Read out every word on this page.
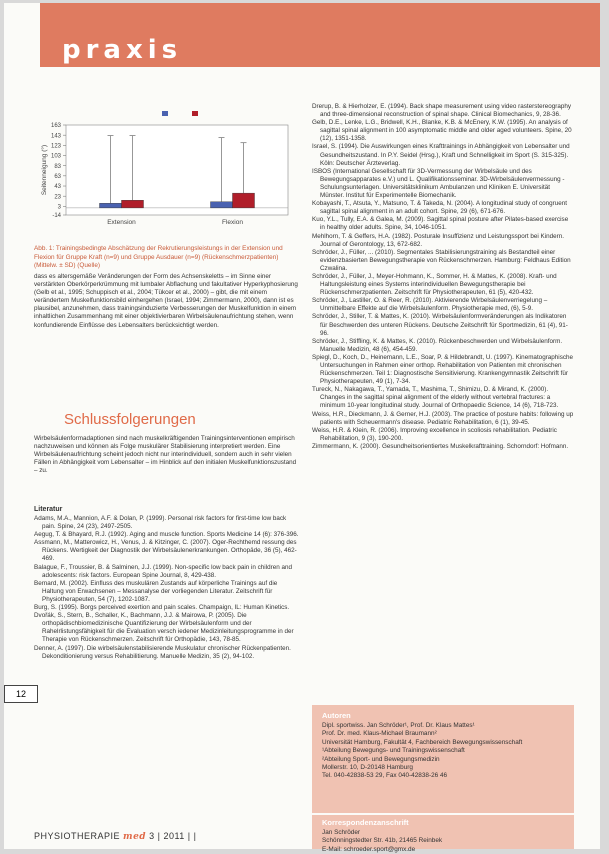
praxis
163
143
123
103
83
63
43
23
3
-14
Seitenneigung (°)
Extension	Flexion
Abb. 1: Trainingsbedingte Abschätzung der Rekrutierungsleistungs in der Extension und Flexion für Gruppe Kraft (n=9) und Gruppe Ausdauer (n=9) (Rückenschmerzpatienten) (Mittelw. ± SD) (Quelle)

dass es altersgemäße Veränderungen der Form des Achsenskeletts – im Sinne einer verstärkten Oberkörperkrümmung mit lumbaler Abflachung und fakultativer Hyperkyphosierung (Gelb et al., 1995; Schuppisch et al., 2004; Tükcer et al., 2000) – gibt, die mit einem verändertem Muskelfunktionsbild einhergehen (Israel, 1994; Zimmermann, 2000), dann ist es plausibel, anzunehmen, dass trainingsinduzierte Verbesserungen der Muskelfunktion in einem inhaltlichen Zusammenhang mit einer objektivierbaren Wirbelsäulenaufrichtung stehen, wenn konfundierende Einflüsse des Lebensalters berücksichtigt werden.

Schlussfolgerungen

Wirbelsäulenformadaptionen sind nach muskelkräftigenden Trainingsinterventionen empirisch nachzuweisen und können als Folge muskulärer Stabilisierung interpretiert werden. Eine Wirbelsäulenaufrichtung scheint jedoch nicht nur interindividuell, sondern auch in sehr vielen Fällen in Abhängigkeit vom Lebensalter – im Hinblick auf den initialen Muskelfunktionszustand – zu.

Literatur

Adams, M.A., Mannion, A.F. & Dolan, P. (1999). Personal risk factors for first-time low back pain. Spine, 24 (23), 2497-2505.

Aegug, T. & Bhayard, R.J. (1992). Aging and muscle function. Sports Medicine 14 (6): 376-396.

Assmann, M., Matterowicz, H., Venus, J. & Kitzinger, C. (2007). Oger-Rechthemd ressung des Rückens. Wertigkeit der Diagnostik der Wirbelsäulenerkrankungen. Orthopäde, 36 (5), 462-469.

Balague, F., Troussier, B. & Salminen, J.J. (1999). Non-specific low back pain in children and adolescents: risk factors. European Spine Journal, 8, 429-438.

Bernard, M. (2002). Einfluss des muskulären Zustands auf körperliche Trainings auf die Haltung von Erwachsenen – Messanalyse der vorliegenden Literatur. Zeitschrift für Physiotherapeuten, 54 (7), 1202-1087.

Burg, S. (1995). Borgs perceived exertion and pain scales. Champaign, IL: Human Kinetics.

Dvořák, S., Stern, B., Schaller, K., Bachmann, J.J. & Mairowa, P. (2005). Die orthopädischbiomedizinische Quantifizierung der Wirbelsäulenform und der Rahelrlistungsfähigkeit für die Evaluation versch iedener Medizinleitungsprogramme in der Therapie von Rückenschmerzen. Zeitschrift für Orthopädie, 143, 78-85.

Denner, A. (1997). Die wirbelsäulenstabilisierende Muskulatur chronischer Rückenpatienten. Dekonditionierung versus Rehabilitierung. Manuelle Medizin, 35 (2), 94-102.

Drerup, B. & Hierholzer, E. (1994). Back shape measurement using video rasterstereography and three-dimensional reconstruction of spinal shape. Clinical Biomechanics, 9, 28-36.

Gelb, D.E., Lenke, L.G., Bridwell, K.H., Blanke, K.B. & McEnery, K.W. (1995). An analysis of sagittal spinal alignment in 100 asymptomatic middle and older aged volunteers. Spine, 20 (12), 1351-1358.

Israel, S. (1994). Die Auswirkungen eines Krafttrainings in Abhängigkeit von Lebensalter und Gesundheitszustand. In P.Y. Seidel (Hrsg.), Kraft und Schnelligkeit im Sport (S. 315-325). Köln: Deutscher Ärzteverlag.

ISBOS (International Gesellschaft für 3D-Vermessung der Wirbelsäule und des Bewegungsapparates e.V.) und L. Qualifikationsseminar. 3D-Wirbelsäulenvermessung - Schulungsunterlagen. Universitätsklinikum Ambulanzen und Kliniken E. Universität Münster. Institut für Experimentelle Biomechanik.

Kobayashi, T., Atsuta, Y., Matsuno, T. & Takeda, N. (2004). A longitudinal study of congruent sagittal spinal alignment in an adult cohort. Spine, 29 (6), 671-676.

Kuo, Y.L., Tully, E.A. & Galea, M. (2009). Sagittal spinal posture after Pilates-based exercise in healthy older adults. Spine, 34, 1046-1051.

Mehlhorn, T. & Geffers, H.A. (1982). Posturale Insuffizienz und Leistungssport bei Kindern. Journal of Gerontology, 13, 672-682.

Schröder, J., Füller, ... (2010). Segmentales Stabilisierungstraining als Bestandteil einer evidenzbasierten Bewegungstherapie von Rückenschmerzen. Hamburg: Feldhaus Edition Czwalina.

Schröder, J., Füller, J., Meyer-Hohmann, K., Sommer, H. & Mattes, K. (2008). Kraft- und Haltungsleistung eines Systems interindividuellen Bewegungstherapie bei Rückenschmerzpatienten. Zeitschrift für Physiotherapeuten, 61 (5), 420-432.

Schröder, J., Lastiller, O. & Reer, R. (2010). Aktivierende Wirbelsäulenverriegelung – Unmittelbare Effekte auf die Wirbelsäulenform. Physiotherapie med, (6), 5-9.

Schröder, J., Stiller, T. & Mattes, K. (2010). Wirbelsäulenformveränderungen als Indikatoren für Beschwerden des unteren Rückens. Deutsche Zeitschrift für Sportmedizin, 61 (4), 91-96.

Schröder, J., Stiffling, K. & Mattes, K. (2010). Rückenbeschwerden und Wirbelsäulenform. Manuelle Medizin, 48 (6), 454-459.

Spiegl, D., Koch, D., Heinemann, L.E., Soar, P. & Hildebrandt, U. (1997). Kinematographische Untersuchungen in Rahmen einer orthop. Rehabilitation von Patienten mit chronischen Rückenschmerzen. Teil 1: Diagnostische Sensitivierung. Krankengymnastik Zeitschrift für Physiotherapeuten, 49 (1), 7-34.

Tureck, N., Nakagawa, T., Yamada, T., Mashima, T., Shimizu, D. & Mirand, K. (2000). Changes in the sagittal spinal alignment of the elderly without vertebral fractures: a minimum 10-year longitudinal study. Journal of Orthopaedic Science, 14 (6), 718-723.

Weiss, H.R., Dieckmann, J. & Gerner, H.J. (2003). The practice of posture habits: following up patients with Scheuermann's disease. Pediatric Rehabilitation, 6 (1), 39-45.

Weiss, H.R. & Klein, R. (2006). Improving excellence in scoliosis rehabilitation. Pediatric Rehabilitation, 9 (3), 190-200.

Zimmermann, K. (2000). Gesundheitsorientiertes Muskelkrafttraining. Schorndorf: Hofmann.

Autoren
Dipl. sportwiss. Jan Schröder¹, Prof. Dr. Klaus Mattes¹
Prof. Dr. med. Klaus-Michael Braumann²
Universität Hamburg, Fakultät 4, Fachbereich Bewegungswissenschaft
¹Abteilung Bewegungs- und Trainingswissenschaft
²Abteilung Sport- und Bewegungsmedizin
Mollerstr. 10, D-20148 Hamburg
Tel. 040-42838-53 29, Fax 040-42838-26 46
Korrespondenzanschrift
Jan Schröder
Schönningstedter Str. 41b, 21465 Reinbek
E-Mail: schroeder.sport@gmx.de
12
PHYSIOTHERAPIE med 3 | 2011 | |
